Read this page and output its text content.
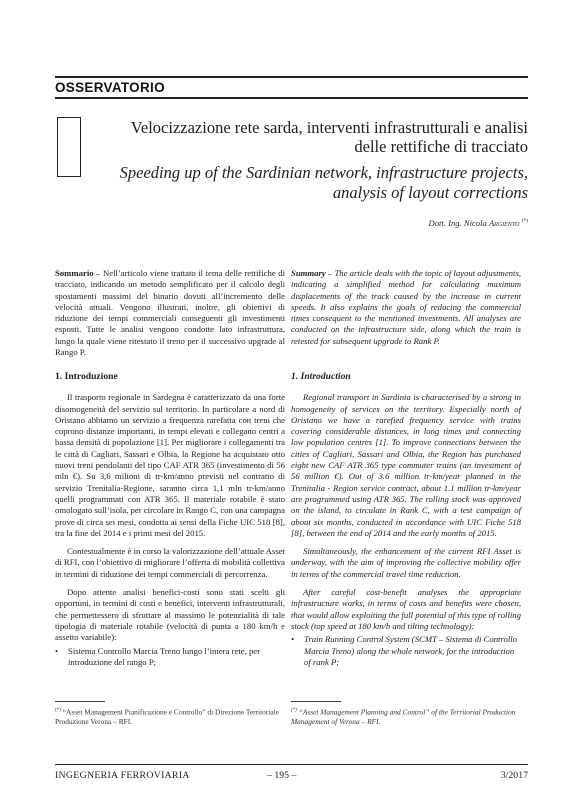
OSSERVATORIO
Velocizzazione rete sarda, interventi infrastrutturali e analisi delle rettifiche di tracciato
Speeding up of the Sardinian network, infrastructure projects, analysis of layout corrections
Dott. Ing. Nicola Argiento (*)

Sommario – Nell’articolo viene trattato il tema delle rettifiche di tracciato, indicando un metodo semplificato per il calcolo degli spostamenti massimi del binario dovuti all’incremento delle velocità attuali. Vengono illustrati, inoltre, gli obiettivi di riduzione dei tempi commerciali conseguenti gli investimenti esposti. Tutte le analisi vengono condotte lato infrastruttura, lungo la quale viene ritestato il treno per il successivo upgrade al Rango P.

Summary – The article deals with the topic of layout adjustments, indicating a simplified method for calculating maximum displacements of the track caused by the increase in current speeds. It also explains the goals of reducing the commercial times consequent to the mentioned investments. All analyses are conducted on the infrastructure side, along which the train is retested for subsequent upgrade to Rank P.

1. Introduzione

Il trasporto regionale in Sardegna è caratterizzato da una forte disomogeneità del servizio sul territorio. In particolare a nord di Oristano abbiamo un servizio a frequenza rarefatta con treni che coprono distanze importanti, in tempi elevati e collegano centri a bassa densità di popolazione [1]. Per migliorare i collegamenti tra le città di Cagliari, Sassari e Olbia, la Regione ha acquistato otto nuovi treni pendolanti del tipo CAF ATR 365 (investimento di 56 mln €). Su 3,6 milioni di tr-km/anno previsti nel contratto di servizio Trenitalia-Regione, saranno circa 1,1 mln tr-km/anno quelli programmati con ATR 365. Il materiale rotabile è stato omologato sull’isola, per circolare in Rango C, con una campagna prove di circa sei mesi, condotta ai sensi della Fiche UIC 518 [8], tra la fine del 2014 e i primi mesi del 2015.

Contestualmente è in corso la valorizzazione dell’attuale Asset di RFI, con l’obiettivo di migliorare l’offerta di mobilità collettiva in termini di riduzione dei tempi commerciali di percorrenza.

Dopo attente analisi benefici-costi sono stati scelti gli opportuni, in termini di costi e benefici, interventi infrastrutturali, che permettessero di sfruttare al massimo le potenzialità di tale tipologia di materiale rotabile (velocità di punta a 180 km/h e assetto variabile):

•	Sistema Controllo Marcia Treno lungo l’intera rete, per introduzione del rango P;

1. Introduction

Regional transport in Sardinia is characterised by a strong in homogeneity of services on the territory. Especially north of Oristano we have a rarefied frequency service with trains covering considerable distances, in long times and connecting low population centres [1]. To improve connections between the cities of Cagliari, Sassari and Olbia, the Region has purchased eight new CAF ATR 365 type commuter trains (an investment of 56 million €). Out of 3.6 million tr-km/year planned in the Trenitalia - Region service contract, about 1.1 million tr-km/year are programmed using ATR 365. The rolling stock was approved on the island, to circulate in Rank C, with a test campaign of about six months, conducted in accordance with UIC Fiche 518 [8], between the end of 2014 and the early months of 2015.

Simultaneously, the enhancement of the current RFI Asset is underway, with the aim of improving the collective mobility offer in terms of the commercial travel time reduction.

After careful cost-benefit analyses the appropriate infrastructure works, in terms of costs and benefits were chosen, that would allow exploiting the full potential of this type of rolling stock (top speed at 180 km/h and tilting technology):

•	Train Running Control System (SCMT – Sistema di Controllo Marcia Treno) along the whole network, for the introduction of rank P;
(*) “Asset Management Pianificazione e Controllo” di Direzione Territoriale Produzione Verona – RFI.
(*) “Asset Management Planning and Control” of the Territorial Production Management of Verona – RFI.
INGEGNERIA FERROVIARIA	– 195 –	3/2017
